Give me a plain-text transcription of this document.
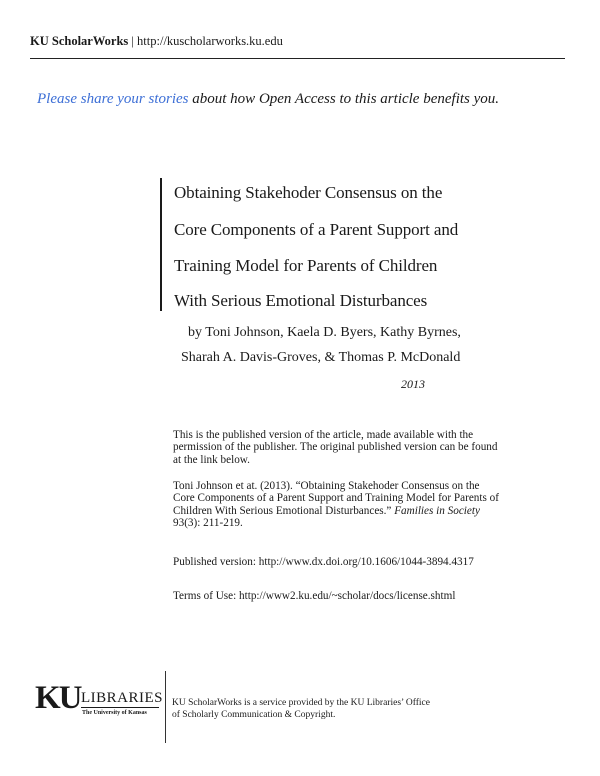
KU ScholarWorks | http://kuscholarworks.ku.edu
Please share your stories about how Open Access to this article benefits you.
Obtaining Stakehoder Consensus on the
Core Components of a Parent Support and
Training Model for Parents of Children
With Serious Emotional Disturbances
by Toni Johnson, Kaela D. Byers, Kathy Byrnes,
Sharah A. Davis-Groves, & Thomas P. McDonald
2013
This is the published version of the article, made available with the permission of the publisher. The original published version can be found at the link below.
Toni Johnson et at. (2013). “Obtaining Stakehoder Consensus on the Core Components of a Parent Support and Training Model for Parents of Children With Serious Emotional Disturbances.” Families in Society 93(3): 211-219.
Published version: http://www.dx.doi.org/10.1606/1044-3894.4317
Terms of Use: http://www2.ku.edu/~scholar/docs/license.shtml
KU LIBRARIES
The University of Kansas
KU ScholarWorks is a service provided by the KU Libraries’ Office
of Scholarly Communication & Copyright.
